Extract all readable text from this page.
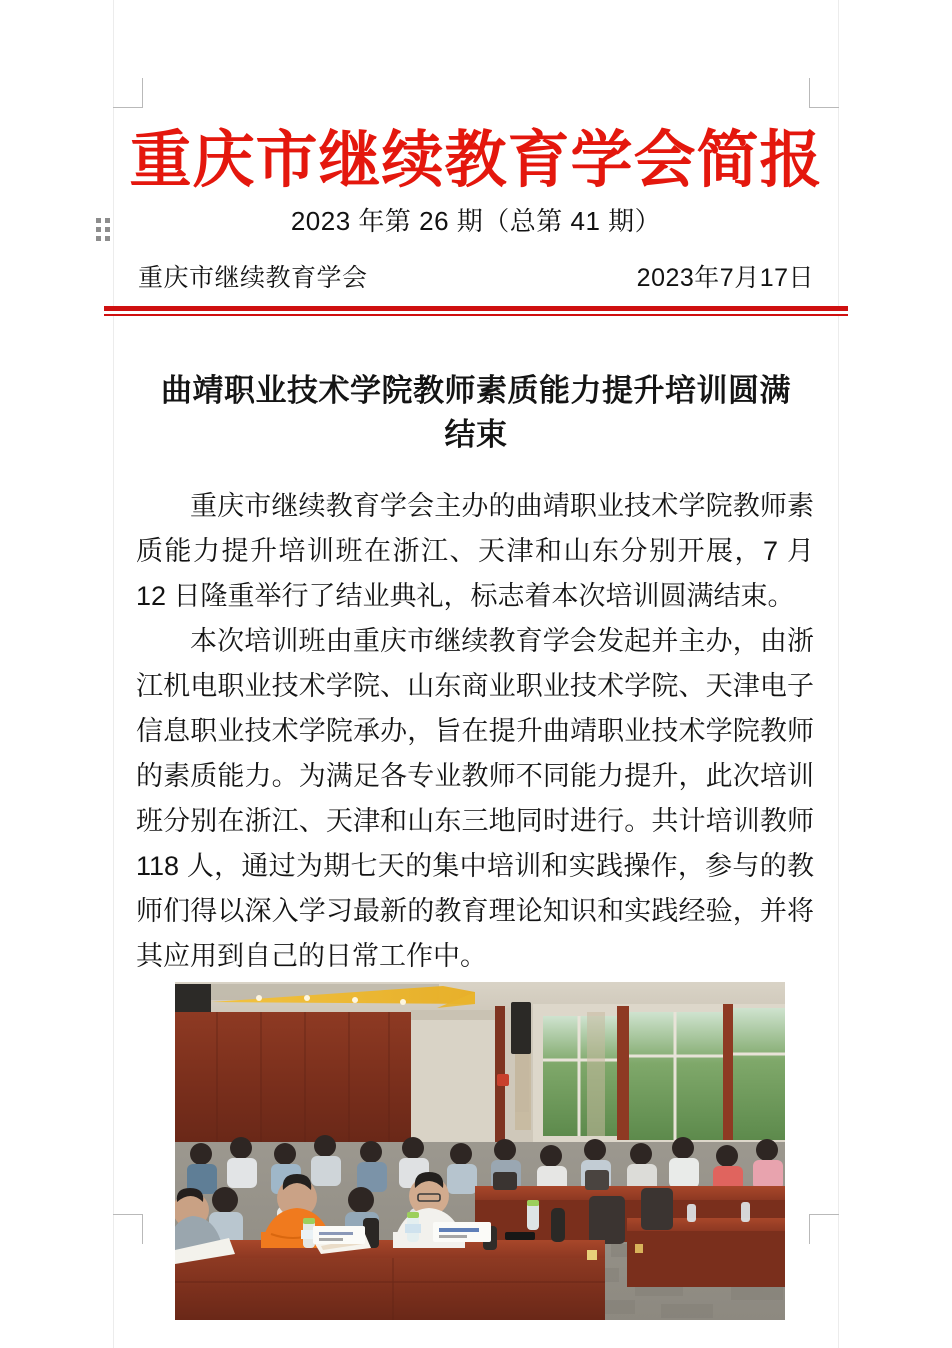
重庆市继续教育学会简报
2023 年第 26 期（总第 41 期）
重庆市继续教育学会	2023年7月17日
曲靖职业技术学院教师素质能力提升培训圆满结束

重庆市继续教育学会主办的曲靖职业技术学院教师素质能力提升培训班在浙江、天津和山东分别开展，7 月 12 日隆重举行了结业典礼，标志着本次培训圆满结束。

本次培训班由重庆市继续教育学会发起并主办，由浙江机电职业技术学院、山东商业职业技术学院、天津电子信息职业技术学院承办，旨在提升曲靖职业技术学院教师的素质能力。为满足各专业教师不同能力提升，此次培训班分别在浙江、天津和山东三地同时进行。共计培训教师 118 人，通过为期七天的集中培训和实践操作，参与的教师们得以深入学习最新的教育理论知识和实践经验，并将其应用到自己的日常工作中。
